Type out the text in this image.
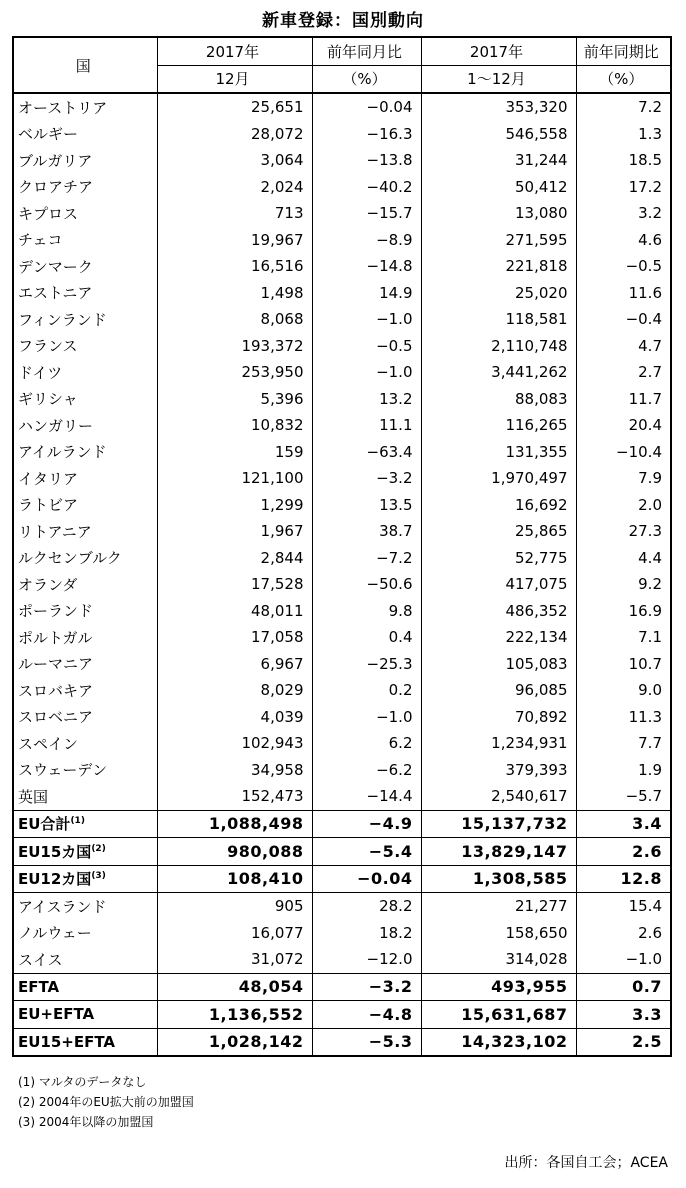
新車登録：国別動向
国	2017年	前年同月比	2017年	前年同期比
	12月	（%）	1～12月	（%）
オーストリア	25,651	−0.04	353,320	7.2
ベルギー	28,072	−16.3	546,558	1.3
ブルガリア	3,064	−13.8	31,244	18.5
クロアチア	2,024	−40.2	50,412	17.2
キプロス	713	−15.7	13,080	3.2
チェコ	19,967	−8.9	271,595	4.6
デンマーク	16,516	−14.8	221,818	−0.5
エストニア	1,498	14.9	25,020	11.6
フィンランド	8,068	−1.0	118,581	−0.4
フランス	193,372	−0.5	2,110,748	4.7
ドイツ	253,950	−1.0	3,441,262	2.7
ギリシャ	5,396	13.2	88,083	11.7
ハンガリー	10,832	11.1	116,265	20.4
アイルランド	159	−63.4	131,355	−10.4
イタリア	121,100	−3.2	1,970,497	7.9
ラトビア	1,299	13.5	16,692	2.0
リトアニア	1,967	38.7	25,865	27.3
ルクセンブルク	2,844	−7.2	52,775	4.4
オランダ	17,528	−50.6	417,075	9.2
ポーランド	48,011	9.8	486,352	16.9
ポルトガル	17,058	0.4	222,134	7.1
ルーマニア	6,967	−25.3	105,083	10.7
スロバキア	8,029	0.2	96,085	9.0
スロベニア	4,039	−1.0	70,892	11.3
スペイン	102,943	6.2	1,234,931	7.7
スウェーデン	34,958	−6.2	379,393	1.9
英国	152,473	−14.4	2,540,617	−5.7
EU合計$^{(1)}$	1,088,498	−4.9	15,137,732	3.4
EU15カ国$^{(2)}$	980,088	−5.4	13,829,147	2.6
EU12カ国$^{(3)}$	108,410	−0.04	1,308,585	12.8
アイスランド	905	28.2	21,277	15.4
ノルウェー	16,077	18.2	158,650	2.6
スイス	31,072	−12.0	314,028	−1.0
EFTA	48,054	−3.2	493,955	0.7
EU+EFTA	1,136,552	−4.8	15,631,687	3.3
EU15+EFTA	1,028,142	−5.3	14,323,102	2.5
(1) マルタのデータなし
(2) 2004年のEU拡大前の加盟国
(3) 2004年以降の加盟国
出所：各国自工会；ACEA
